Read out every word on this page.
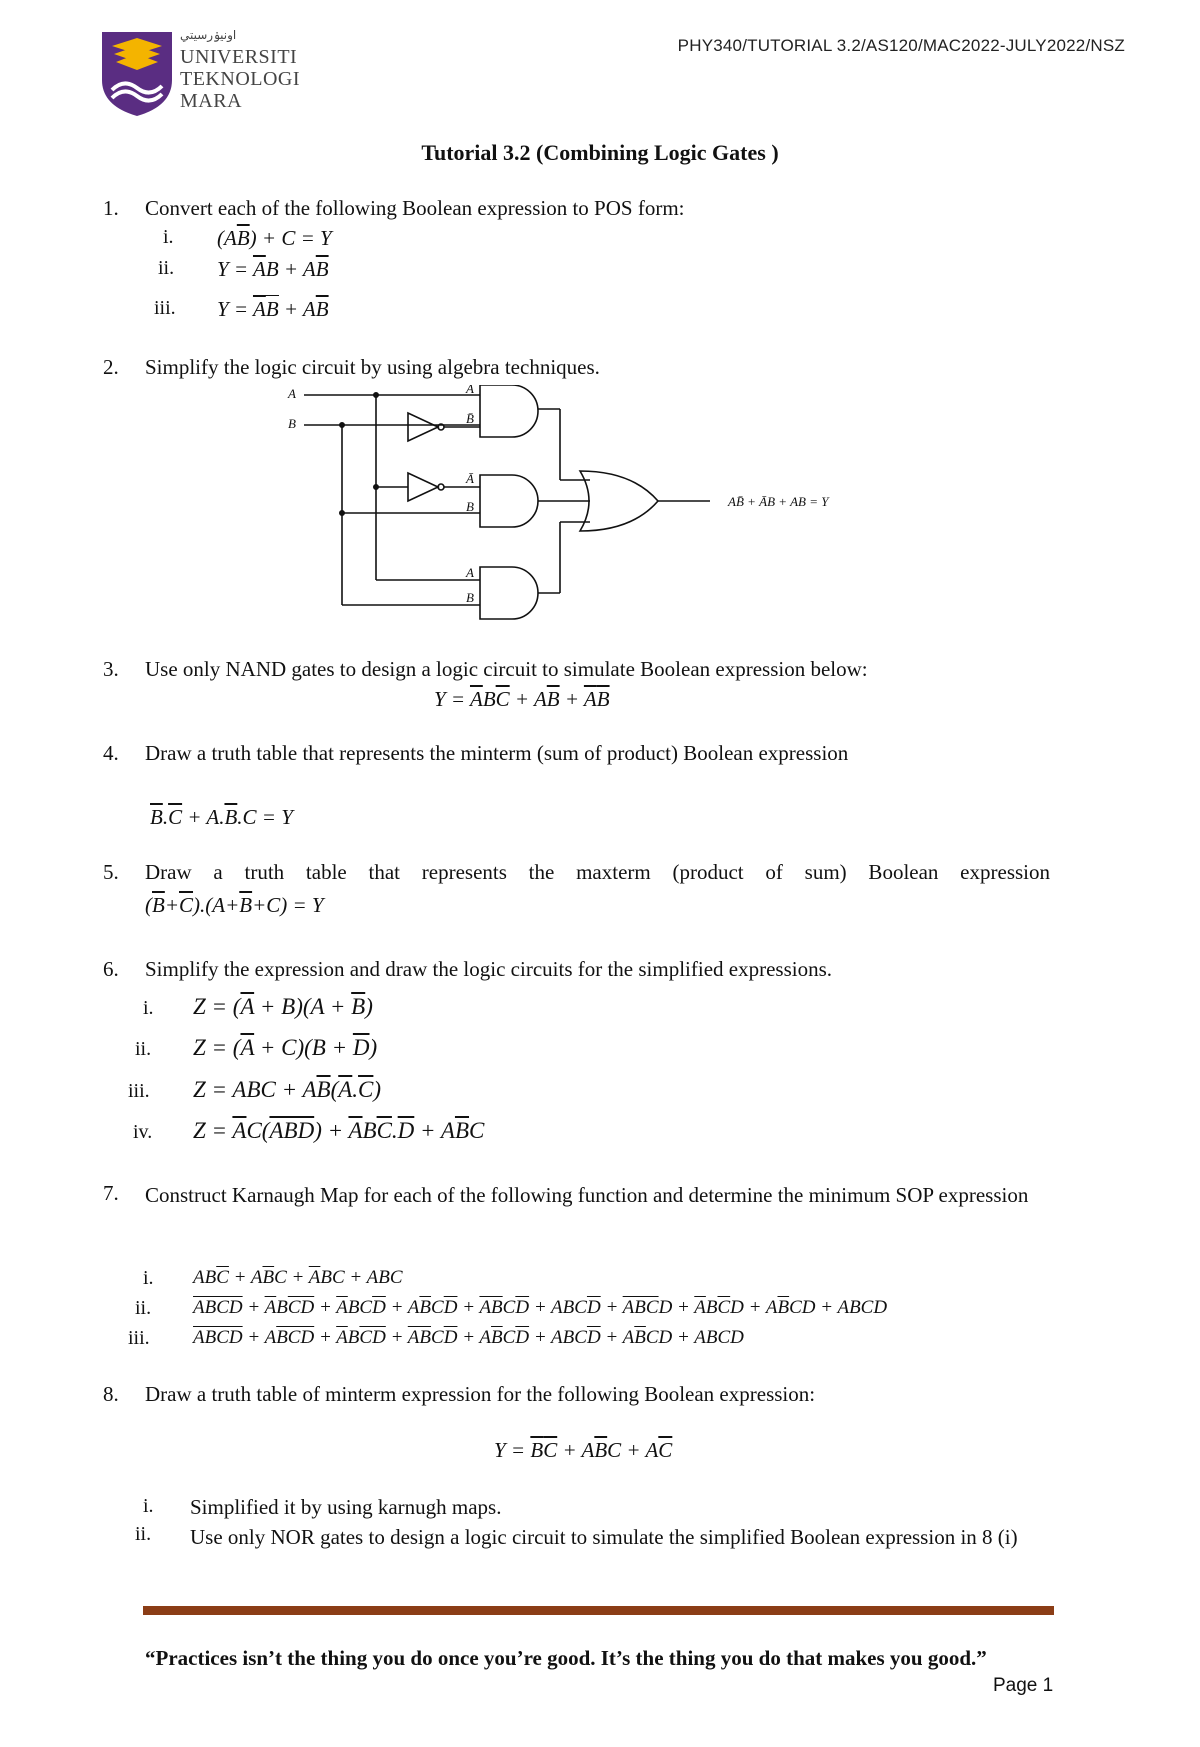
اونيۏرسيتي
UNIVERSITI
TEKNOLOGI
MARA
PHY340/TUTORIAL 3.2/AS120/MAC2022-JULY2022/NSZ
Tutorial 3.2 (Combining Logic Gates )
1. Convert each of the following Boolean expression to POS form:
i. $(A\overline{B}) + C = Y$
ii. $Y = \overline{A}B + A\overline{B}$
iii. $Y = \overline{A}B + A\overline{B}$
2. Simplify the logic circuit by using algebra techniques.
A
B
A
B̄
Ā
B
A
B
AB̄ + ĀB + AB = Y
3. Use only NAND gates to design a logic circuit to simulate Boolean expression below:
$Y = \overline{A}B\overline{C} + A\overline{B} + \overline{A}\overline{B}$
4. Draw a truth table that represents the minterm (sum of product) Boolean expression
$\overline{B}.\overline{C} + A.\overline{B}.C = Y$
5. Draw a truth table that represents the maxterm (product of sum) Boolean expression
$(\overline{B}+\overline{C}).(A+\overline{B}+C) = Y$
6. Simplify the expression and draw the logic circuits for the simplified expressions.
i. $Z = (\overline{A} + B)(A + \overline{B})$
ii. $Z = (\overline{A} + C)(B + \overline{D})$
iii. Z = ABC + $A\overline{B}(\overline{A}.\overline{C})$
iv. $Z = \overline{A}C(\overline{ABD}) + \overline{A}B\overline{C}.\overline{D} + A\overline{B}C$
7. Construct Karnaugh Map for each of the following function and determine the minimum SOP expression
i. $AB\overline{C} + A\overline{B}C + \overline{A}BC$ + ABC
ii. ABCD + $\overline{A}B\overline{CD} + \overline{A}BC\overline{D} + A\overline{B}C\overline{D} + \overline{AB}C\overline{D} + ABC\overline{D} + \overline{ABC}D + \overline{A}B\overline{C}D + A\overline{B}CD$ + ABCD
iii. ABCD + $A\overline{BCD} + \overline{A}B\overline{CD} + \overline{AB}C\overline{D} + A\overline{B}C\overline{D} + ABC\overline{D} + A\overline{B}CD$ + ABCD
8. Draw a truth table of minterm expression for the following Boolean expression:
$Y = \overline{B}\overline{C} + A\overline{B}C + A\overline{C}$
i. Simplified it by using karnugh maps.
ii. Use only NOR gates to design a logic circuit to simulate the simplified Boolean expression in 8 (i)
“Practices isn’t the thing you do once you’re good. It’s the thing you do that makes you good.”
Page 1
